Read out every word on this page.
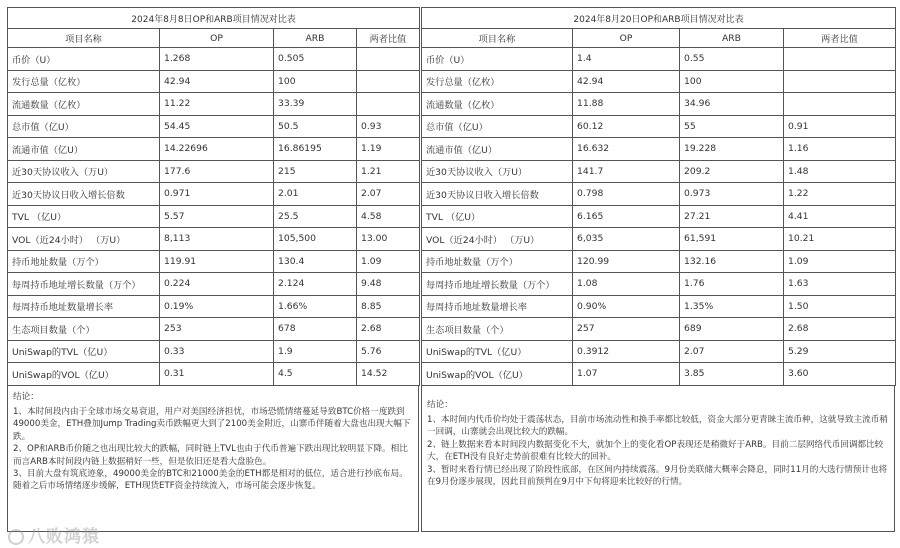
2024年8月8日OP和ARB项目情况对比表			
项目名称	OP	ARB	两者比值
币价（U）	1.268	0.505	
发行总量（亿枚）	42.94	100	
流通数量（亿枚）	11.22	33.39	
总市值（亿U）	54.45	50.5	0.93
流通市值（亿U）	14.22696	16.86195	1.19
近30天协议收入（万U）	177.6	215	1.21
近30天协议日收入增长倍数	0.971	2.01	2.07
TVL （亿U）	5.57	25.5	4.58
VOL（近24小时） （万U）	8,113	105,500	13.00
持币地址数量（万个）	119.91	130.4	1.09
每周持币地址增长数量（万个）	0.224	2.124	9.48
每周持币地址数量增长率	0.19%	1.66%	8.85
生态项目数量（个）	253	678	2.68
UniSwap的TVL（亿U）	0.33	1.9	5.76
UniSwap的VOL（亿U）	0.31	4.5	14.52
结论：

1、本时间段内由于全球市场交易衰退，用户对美国经济担忧，市场恐慌情绪蔓延导致BTC价格一度跌到49000美金，ETH叠加Jump Trading卖币跌幅更大到了2100美金附近，山寨币伴随着大盘也出现大幅下跌。

2、OP和ARB币价随之也出现比较大的跌幅，同时链上TVL也由于代币普遍下跌出现比较明显下降。相比而言ARB本时间段内链上数据稍好一些，但是依旧还是看大盘脸色。

3、目前大盘有筑底迹象，49000美金的BTC和21000美金的ETH都是相对的低位，适合进行抄底布局。随着之后市场情绪逐步缓解，ETH现货ETF资金持续流入，市场可能会逐步恢复。

2024年8月20日OP和ARB项目情况对比表			
项目名称	OP	ARB	两者比值
币价（U）	1.4	0.55	
发行总量（亿枚）	42.94	100	
流通数量（亿枚）	11.88	34.96	
总市值（亿U）	60.12	55	0.91
流通市值（亿U）	16.632	19.228	1.16
近30天协议收入（万U）	141.7	209.2	1.48
近30天协议日收入增长倍数	0.798	0.973	1.22
TVL （亿U）	6.165	27.21	4.41
VOL（近24小时） （万U）	6,035	61,591	10.21
持币地址数量（万个）	120.99	132.16	1.09
每周持币地址增长数量（万个）	1.08	1.76	1.63
每周持币地址数量增长率	0.90%	1.35%	1.50
生态项目数量（个）	257	689	2.68
UniSwap的TVL（亿U）	0.3912	2.07	5.29
UniSwap的VOL（亿U）	1.07	3.85	3.60
结论：

1、本时间内代币价均处于震荡状态，目前市场流动性和换手率都比较低，资金大部分更青睐主流币种，这就导致主流币稍一回调，山寨就会出现比较大的跌幅。

2、链上数据来看本时间段内数据变化不大，就加个上的变化看OP表现还是稍微好于ARB。目前二层网络代币回调都比较大，在ETH没有良好走势前很难有比较大的回补。

3、暂时来看行情已经出现了阶段性底部，在区间内持续震荡。9月份美联储大概率会降息，同时11月的大选行情预计也将在9月份逐步展现，因此目前预判在9月中下旬将迎来比较好的行情。

八败鸿猿
